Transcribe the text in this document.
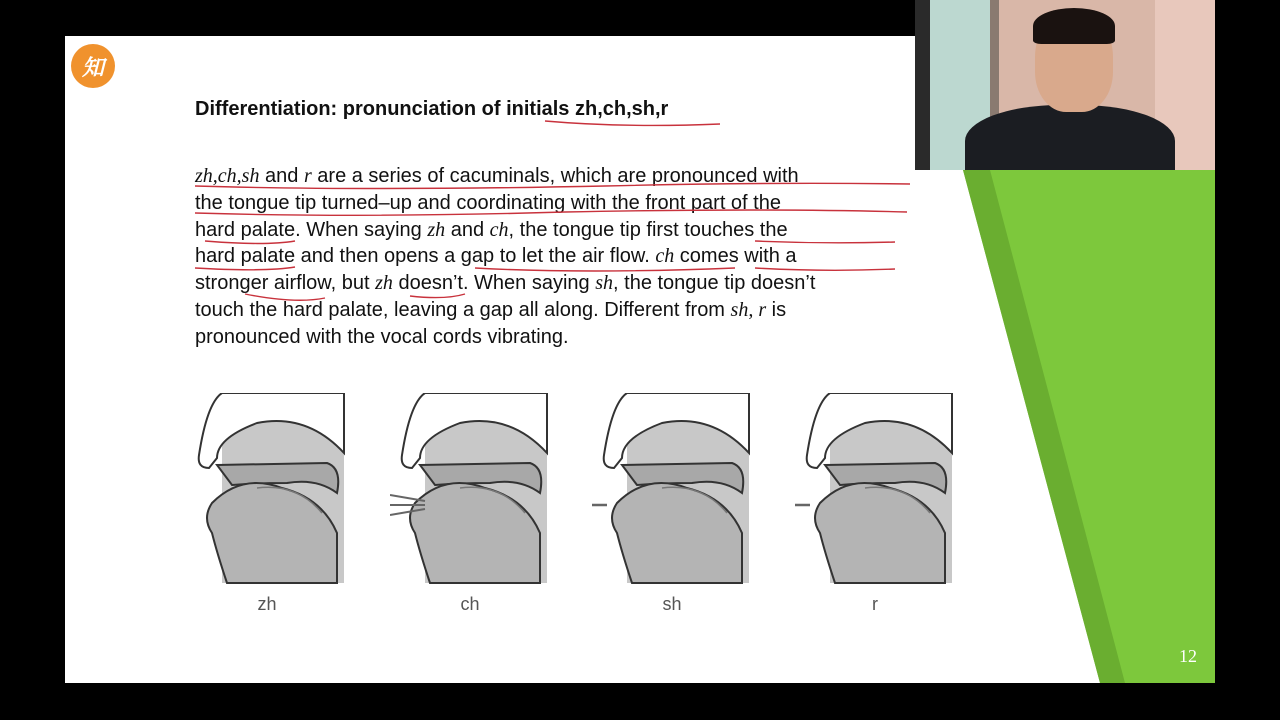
知
Differentiation: pronunciation of initials zh,ch,sh,r
zh,ch,sh and r are a series of cacuminals, which are pronounced with
the tongue tip turned–up and coordinating with the front part of the
hard palate. When saying zh and ch, the tongue tip first touches the
hard palate and then opens a gap to let the air flow. ch comes with a
stronger airflow, but zh doesn’t. When saying sh, the tongue tip doesn’t
touch the hard palate, leaving a gap all along. Different from sh, r is
pronounced with the vocal cords vibrating.
zh	ch	sh	r
12
